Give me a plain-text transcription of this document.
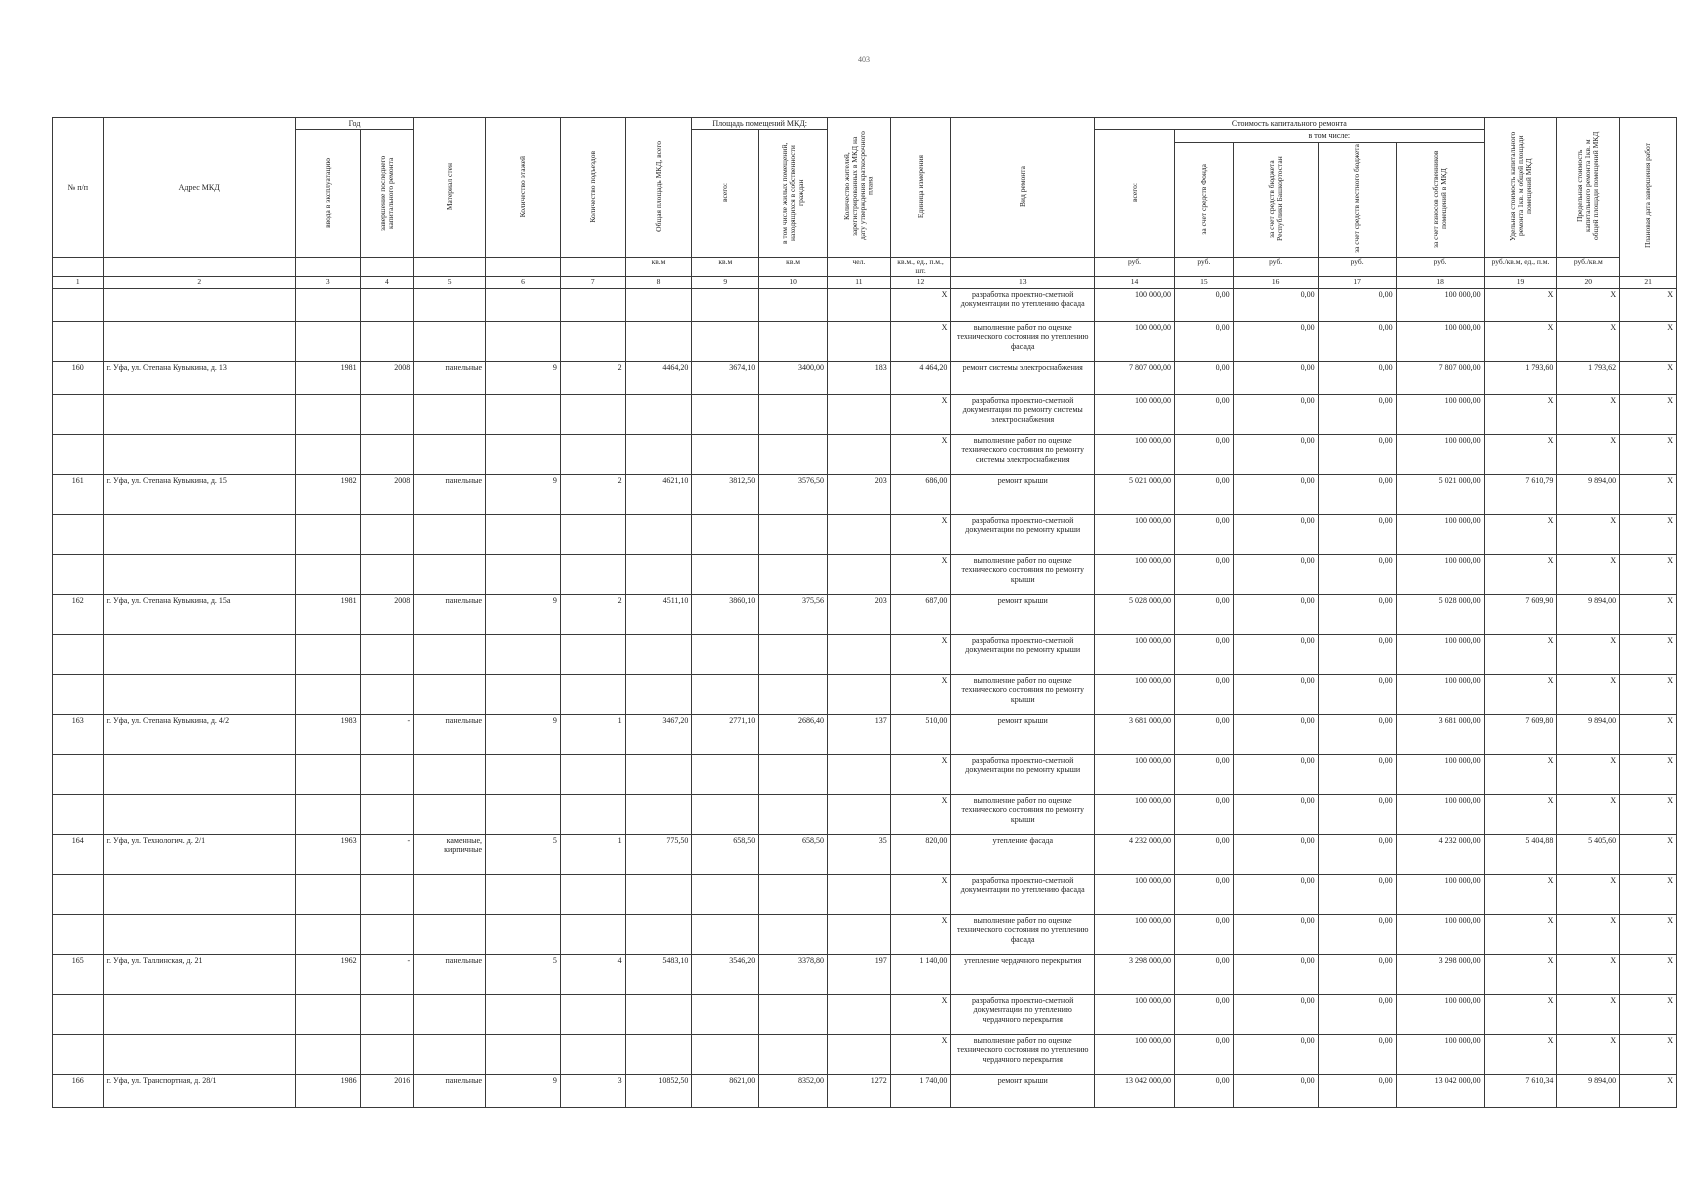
403
№ п/п	Адрес МКД	Год		Материал стен	Количество этажей	Количество подъездов	Общая площадь МКД, всего	Площадь помещений МКД:		Количество жителей, зарегистрированных в МКД на дату утверждения краткосрочного плана	Единица измерения	Вид ремонта	Стоимость капитального ремонта					Удельная стоимость капитального ремонта 1кв. м общей площади помещений МКД	Предельная стоимость капитального ремонта 1кв. м общей площади помещений МКД	Плановая дата завершения работ
		ввода в эксплуатацию	завершение последнего капитального ремонта					всего:	в том числе жилых помещений, находящихся в собственности граждан				всего:	в том числе:						
														за счет средств Фонда	за счет средств бюджета Республики Башкортостан	за счет средств местного бюджета	за счет взносов собственников помещений в МКД			
							кв.м	кв.м	кв.м	чел.	кв.м., ед., п.м., шт.		руб.	руб.	руб.	руб.	руб.	руб./кв.м, ед., п.м.	руб./кв.м	
1	2	3	4	5	6	7	8	9	10	11	12	13	14	15	16	17	18	19	20	21
											X	разработка проектно-сметной документации по утеплению фасада	100 000,00	0,00	0,00	0,00	100 000,00	X	X	X
											X	выполнение работ по оценке технического состояния по утеплению фасада	100 000,00	0,00	0,00	0,00	100 000,00	X	X	X
160	г. Уфа, ул. Степана Кувыкина, д. 13	1981	2008	панельные	9	2	4464,20	3674,10	3400,00	183	4 464,20	ремонт системы электроснабжения	7 807 000,00	0,00	0,00	0,00	7 807 000,00	1 793,60	1 793,62	X
											X	разработка проектно-сметной документации по ремонту системы электроснабжения	100 000,00	0,00	0,00	0,00	100 000,00	X	X	X
											X	выполнение работ по оценке технического состояния по ремонту системы электроснабжения	100 000,00	0,00	0,00	0,00	100 000,00	X	X	X
161	г. Уфа, ул. Степана Кувыкина, д. 15	1982	2008	панельные	9	2	4621,10	3812,50	3576,50	203	686,00	ремонт крыши	5 021 000,00	0,00	0,00	0,00	5 021 000,00	7 610,79	9 894,00	X
											X	разработка проектно-сметной документации по ремонту крыши	100 000,00	0,00	0,00	0,00	100 000,00	X	X	X
											X	выполнение работ по оценке технического состояния по ремонту крыши	100 000,00	0,00	0,00	0,00	100 000,00	X	X	X
162	г. Уфа, ул. Степана Кувыкина, д. 15а	1981	2008	панельные	9	2	4511,10	3860,10	375,56	203	687,00	ремонт крыши	5 028 000,00	0,00	0,00	0,00	5 028 000,00	7 609,90	9 894,00	X
											X	разработка проектно-сметной документации по ремонту крыши	100 000,00	0,00	0,00	0,00	100 000,00	X	X	X
											X	выполнение работ по оценке технического состояния по ремонту крыши	100 000,00	0,00	0,00	0,00	100 000,00	X	X	X
163	г. Уфа, ул. Степана Кувыкина, д. 4/2	1983	-	панельные	9	1	3467,20	2771,10	2686,40	137	510,00	ремонт крыши	3 681 000,00	0,00	0,00	0,00	3 681 000,00	7 609,80	9 894,00	X
											X	разработка проектно-сметной документации по ремонту крыши	100 000,00	0,00	0,00	0,00	100 000,00	X	X	X
											X	выполнение работ по оценке технического состояния по ремонту крыши	100 000,00	0,00	0,00	0,00	100 000,00	X	X	X
164	г. Уфа, ул. Технологич. д. 2/1	1963	-	каменные, кирпичные	5	1	775,50	658,50	658,50	35	820,00	утепление фасада	4 232 000,00	0,00	0,00	0,00	4 232 000,00	5 404,88	5 405,60	X
											X	разработка проектно-сметной документации по утеплению фасада	100 000,00	0,00	0,00	0,00	100 000,00	X	X	X
											X	выполнение работ по оценке технического состояния по утеплению фасада	100 000,00	0,00	0,00	0,00	100 000,00	X	X	X
165	г. Уфа, ул. Таллинская, д. 21	1962	-	панельные	5	4	5483,10	3546,20	3378,80	197	1 140,00	утепление чердачного перекрытия	3 298 000,00	0,00	0,00	0,00	3 298 000,00	X	X	X
											X	разработка проектно-сметной документации по утеплению чердачного перекрытия	100 000,00	0,00	0,00	0,00	100 000,00	X	X	X
											X	выполнение работ по оценке технического состояния по утеплению чердачного перекрытия	100 000,00	0,00	0,00	0,00	100 000,00	X	X	X
166	г. Уфа, ул. Транспортная, д. 28/1	1986	2016	панельные	9	3	10852,50	8621,00	8352,00	1272	1 740,00	ремонт крыши	13 042 000,00	0,00	0,00	0,00	13 042 000,00	7 610,34	9 894,00	X
